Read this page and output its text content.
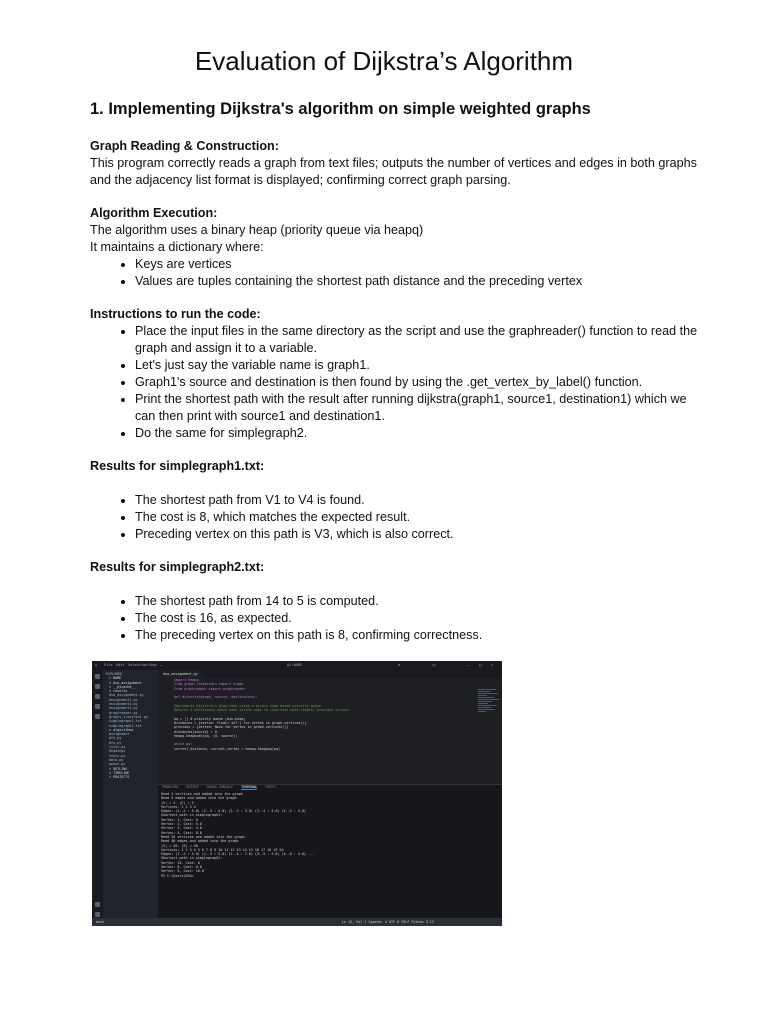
Evaluation of Dijkstra’s Algorithm
1. Implementing Dijkstra's algorithm on simple weighted graphs

Graph Reading & Construction:

This program correctly reads a graph from text files; outputs the number of vertices and edges in both graphs and the adjacency list format is displayed; confirming correct graph parsing.

Algorithm Execution:

The algorithm uses a binary heap (priority queue via heapq)

It maintains a dictionary where:

• Keys are vertices
• Values are tuples containing the shortest path distance and the preceding vertex

Instructions to run the code:

• Place the input files in the same directory as the script and use the graphreader() function to read the graph and assign it to a variable.
• Let's just say the variable name is graph1.
• Graph1's source and destination is then found by using the .get_vertex_by_label() function.
• Print the shortest path with the result after running dijkstra(graph1, source1, destination1) which we can then print with source1 and destination1.
• Do the same for simplegraph2.

Results for simplegraph1.txt:

• The shortest path from V1 to V4 is found.
• The cost is 8, which matches the expected result.
• Preceding vertex on this path is V3, which is also correct.

Results for simplegraph2.txt:

• The shortest path from 14 to 5 is computed.
• The cost is 16, as expected.
• The preceding vertex on this path is 8, confirming correctness.
◆ File Edit Selection View …	Q1-WARE	⚙	▯▯	–	□	×
EXPLORER
> NAME
> dsa_assignment
> __pycache__
> results
dsa_assignment.py
assignment1.py
assignment2.py
assignment3.py
graphreader.py
graphs_traversal.py
simplegraph1.txt
simplegraph2.txt
> algorithms
assignment
dfs.py
bfs.py
lists.py
Readings
tests.py
data.py
queue.py
> OUTLINE
> TIMELINE
> PROJECTS
dsa_assignment.py
import heapq
from graph_traversals import Graph
from graphreader import graphreader

def dijkstra(graph, source, destination):

Implements Dijkstra's algorithm using a binary heap based priority queue.
Returns a dictionary where each vertex maps to (shortest path length, previous vertex).

pq = [] # priority queue (min-heap)
distances = {vertex: float('inf') for vertex in graph.vertices()}
previous = {vertex: None for vertex in graph.vertices()}
distances[source] = 0
heapq.heappush(pq, (0, source))

while pq:
current_distance, current_vertex = heapq.heappop(pq)
PROBLEMS OUTPUT DEBUG CONSOLE TERMINAL PORTS
Read 4 vertices and added into the graph
Read 5 edges and added into the graph
|V| = 4, |E| = 5
Vertices: 1 2 3 4
Edges: (1--2 : 5.0) (1--3 : 4.0) (2--3 : 3.0) (2--4 : 4.0) (3--4 : 4.0)
Shortest path in simplegraph1:
Vertex: 1, Cost: 0
Vertex: 2, Cost: 5.0
Vertex: 3, Cost: 4.0
Vertex: 4, Cost: 8.0
Read 20 vertices and added into the graph
Read 48 edges and added into the graph
|V| = 20, |E| = 48
Vertices: 1 2 3 4 5 6 7 8 9 10 11 12 13 14 15 16 17 18 19 20
Edges: (1--2 : 4.0) (1--3 : 5.0) (2--4 : 7.0) (3--5 : 4.0) (4--6 : 3.0) ...
Shortest path in simplegraph2:
Vertex: 14, Cost: 0
Vertex: 8, Cost: 8.0
Vertex: 5, Cost: 16.0
PS C:\Users\DSA>
main	Ln 12, Col 1 Spaces: 4 UTF-8 CRLF Python 3.12
